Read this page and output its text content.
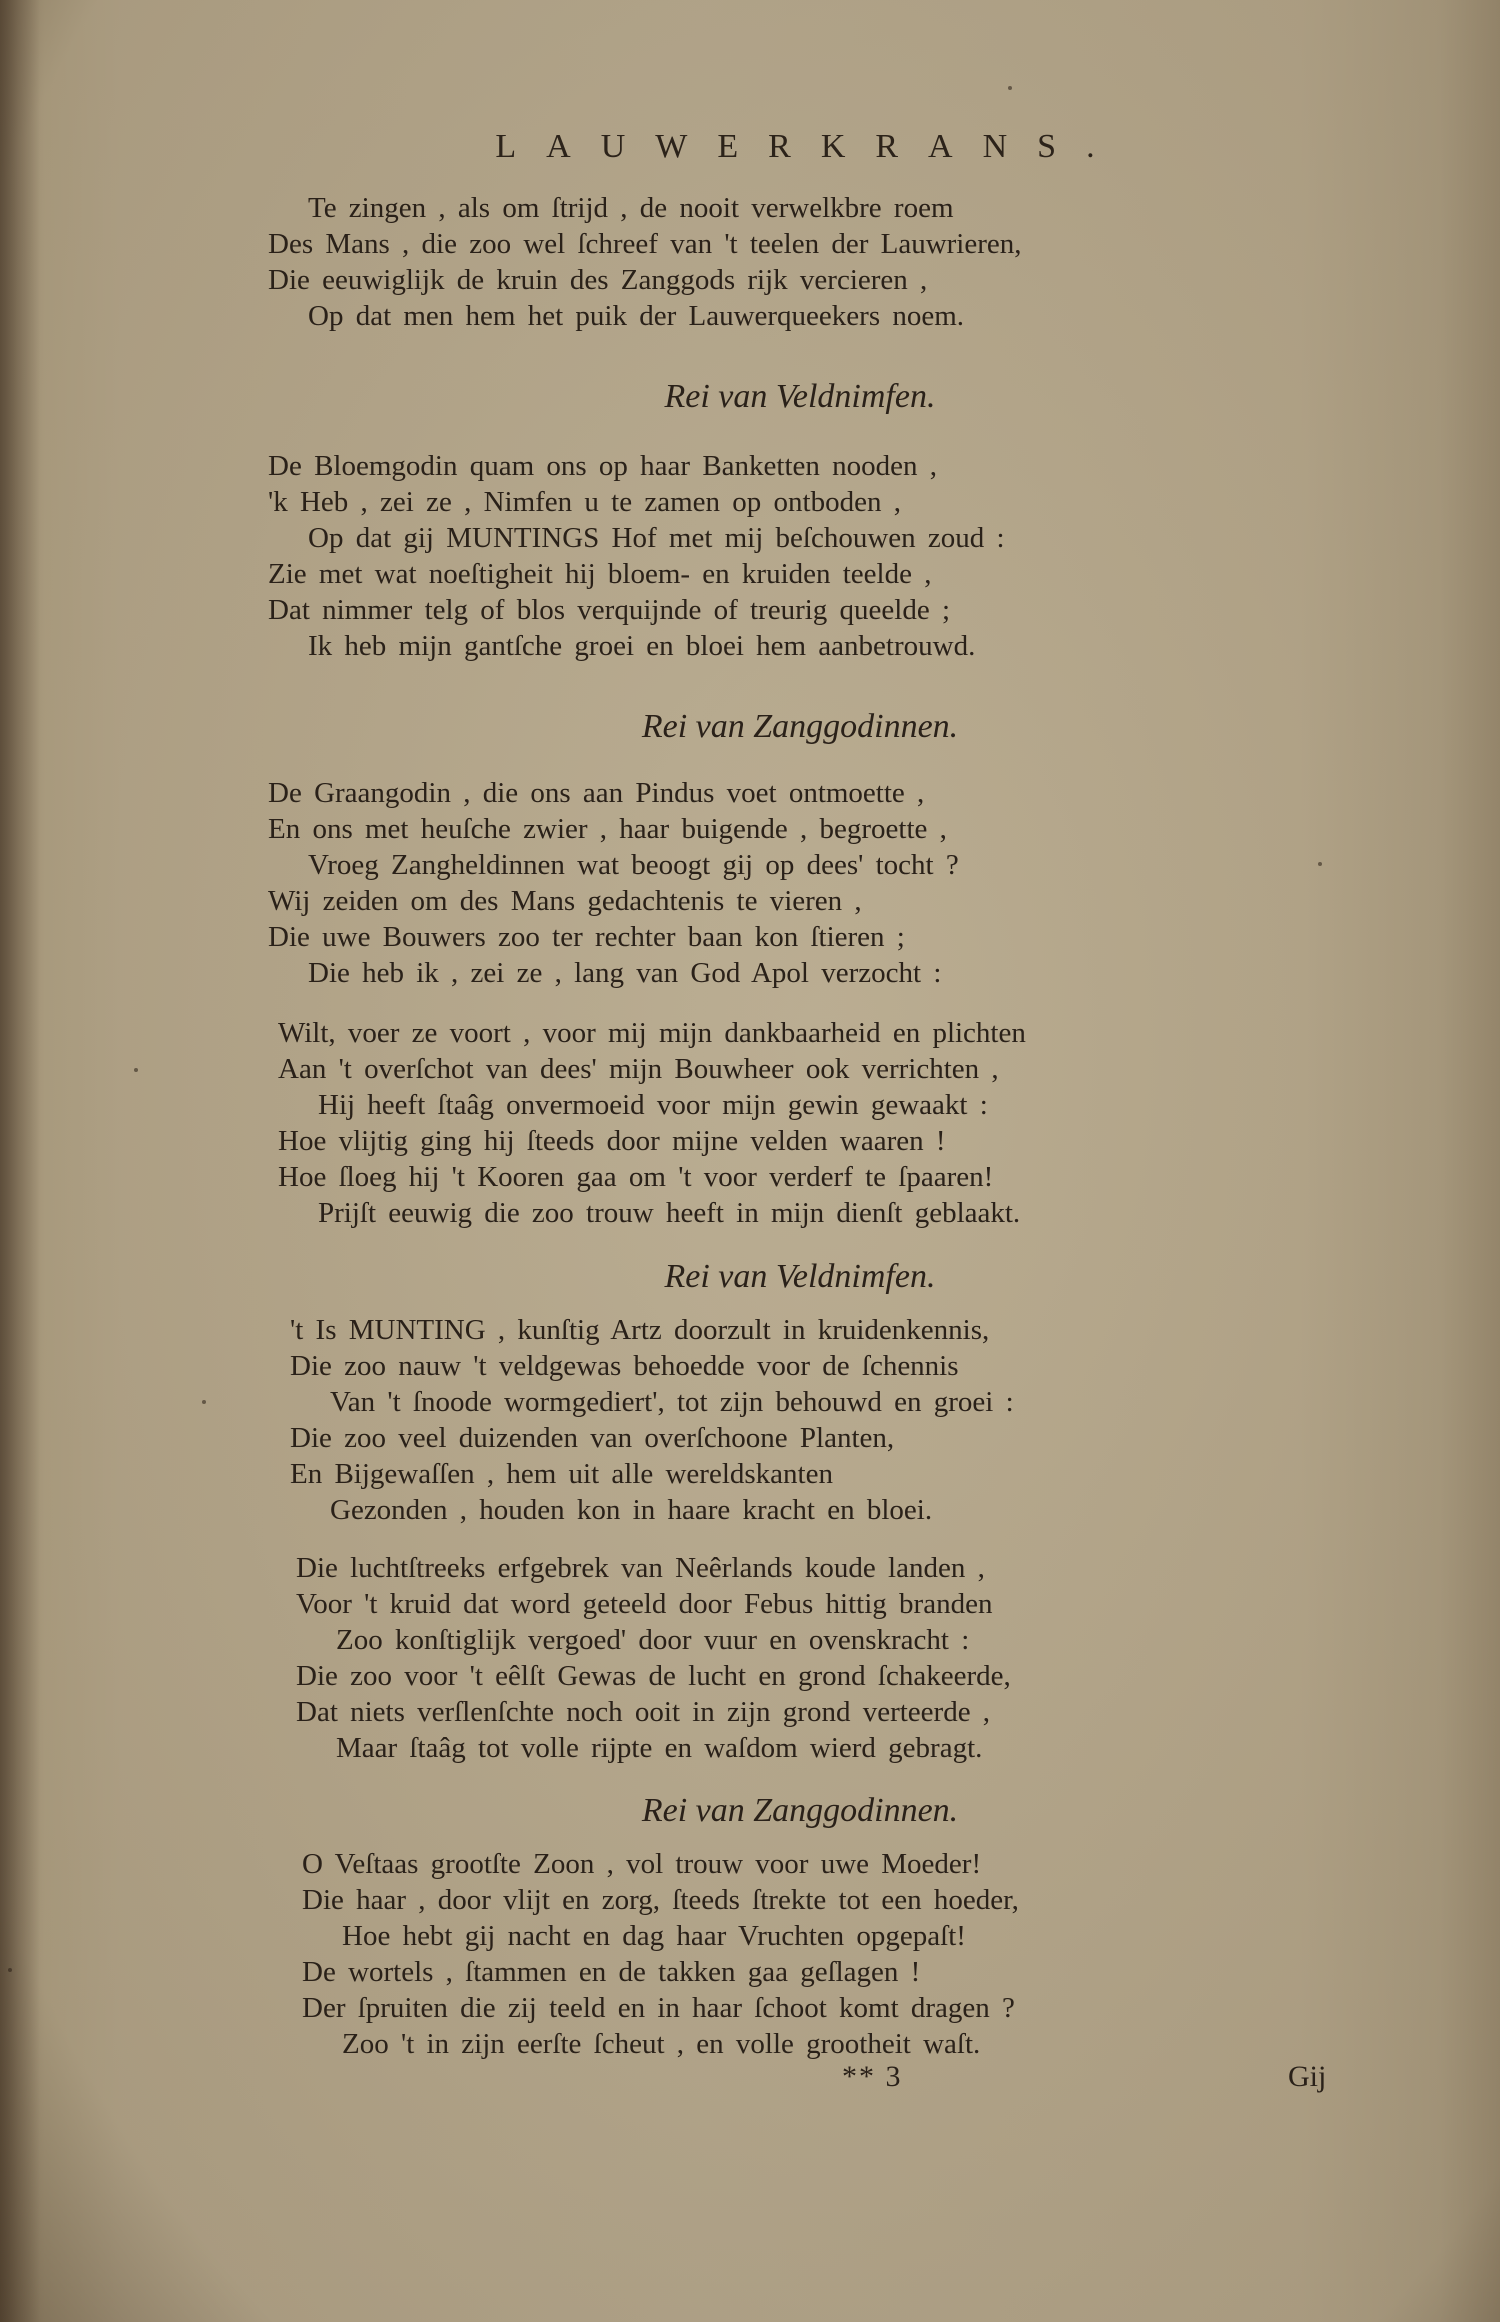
LAUWERKRANS.
Te zingen , als om ſtrijd , de nooit verwelkbre roem
Des Mans , die zoo wel ſchreef van 't teelen der Lauwrieren,
Die eeuwiglijk de kruin des Zanggods rijk vercieren ,
Op dat men hem het puik der Lauwerqueekers noem.
Rei van Veldnimfen.
De Bloemgodin quam ons op haar Banketten nooden ,
'k Heb , zei ze , Nimfen u te zamen op ontboden ,
Op dat gij MUNTINGS Hof met mij beſchouwen zoud :
Zie met wat noeſtigheit hij bloem- en kruiden teelde ,
Dat nimmer telg of blos verquijnde of treurig queelde ;
Ik heb mijn gantſche groei en bloei hem aanbetrouwd.
Rei van Zanggodinnen.
De Graangodin , die ons aan Pindus voet ontmoette ,
En ons met heuſche zwier , haar buigende , begroette ,
Vroeg Zangheldinnen wat beoogt gij op dees' tocht ?
Wij zeiden om des Mans gedachtenis te vieren ,
Die uwe Bouwers zoo ter rechter baan kon ſtieren ;
Die heb ik , zei ze , lang van God Apol verzocht :
Wilt, voer ze voort , voor mij mijn dankbaarheid en plichten
Aan 't overſchot van dees' mijn Bouwheer ook verrichten ,
Hij heeft ſtaâg onvermoeid voor mijn gewin gewaakt :
Hoe vlijtig ging hij ſteeds door mijne velden waaren !
Hoe ſloeg hij 't Kooren gaa om 't voor verderf te ſpaaren!
Prijſt eeuwig die zoo trouw heeft in mijn dienſt geblaakt.
Rei van Veldnimfen.
't Is MUNTING , kunſtig Artz doorzult in kruidenkennis,
Die zoo nauw 't veldgewas behoedde voor de ſchennis
Van 't ſnoode wormgediert', tot zijn behouwd en groei :
Die zoo veel duizenden van overſchoone Planten,
En Bijgewaſſen , hem uit alle wereldskanten
Gezonden , houden kon in haare kracht en bloei.
Die luchtſtreeks erfgebrek van Neêrlands koude landen ,
Voor 't kruid dat word geteeld door Febus hittig branden
Zoo konſtiglijk vergoed' door vuur en ovenskracht :
Die zoo voor 't eêlſt Gewas de lucht en grond ſchakeerde,
Dat niets verſlenſchte noch ooit in zijn grond verteerde ,
Maar ſtaâg tot volle rijpte en waſdom wierd gebragt.
Rei van Zanggodinnen.
O Veſtaas grootſte Zoon , vol trouw voor uwe Moeder!
Die haar , door vlijt en zorg, ſteeds ſtrekte tot een hoeder,
Hoe hebt gij nacht en dag haar Vruchten opgepaſt!
De wortels , ſtammen en de takken gaa geſlagen !
Der ſpruiten die zij teeld en in haar ſchoot komt dragen ?
Zoo 't in zijn eerſte ſcheut , en volle grootheit waſt.
** 3	Gij
